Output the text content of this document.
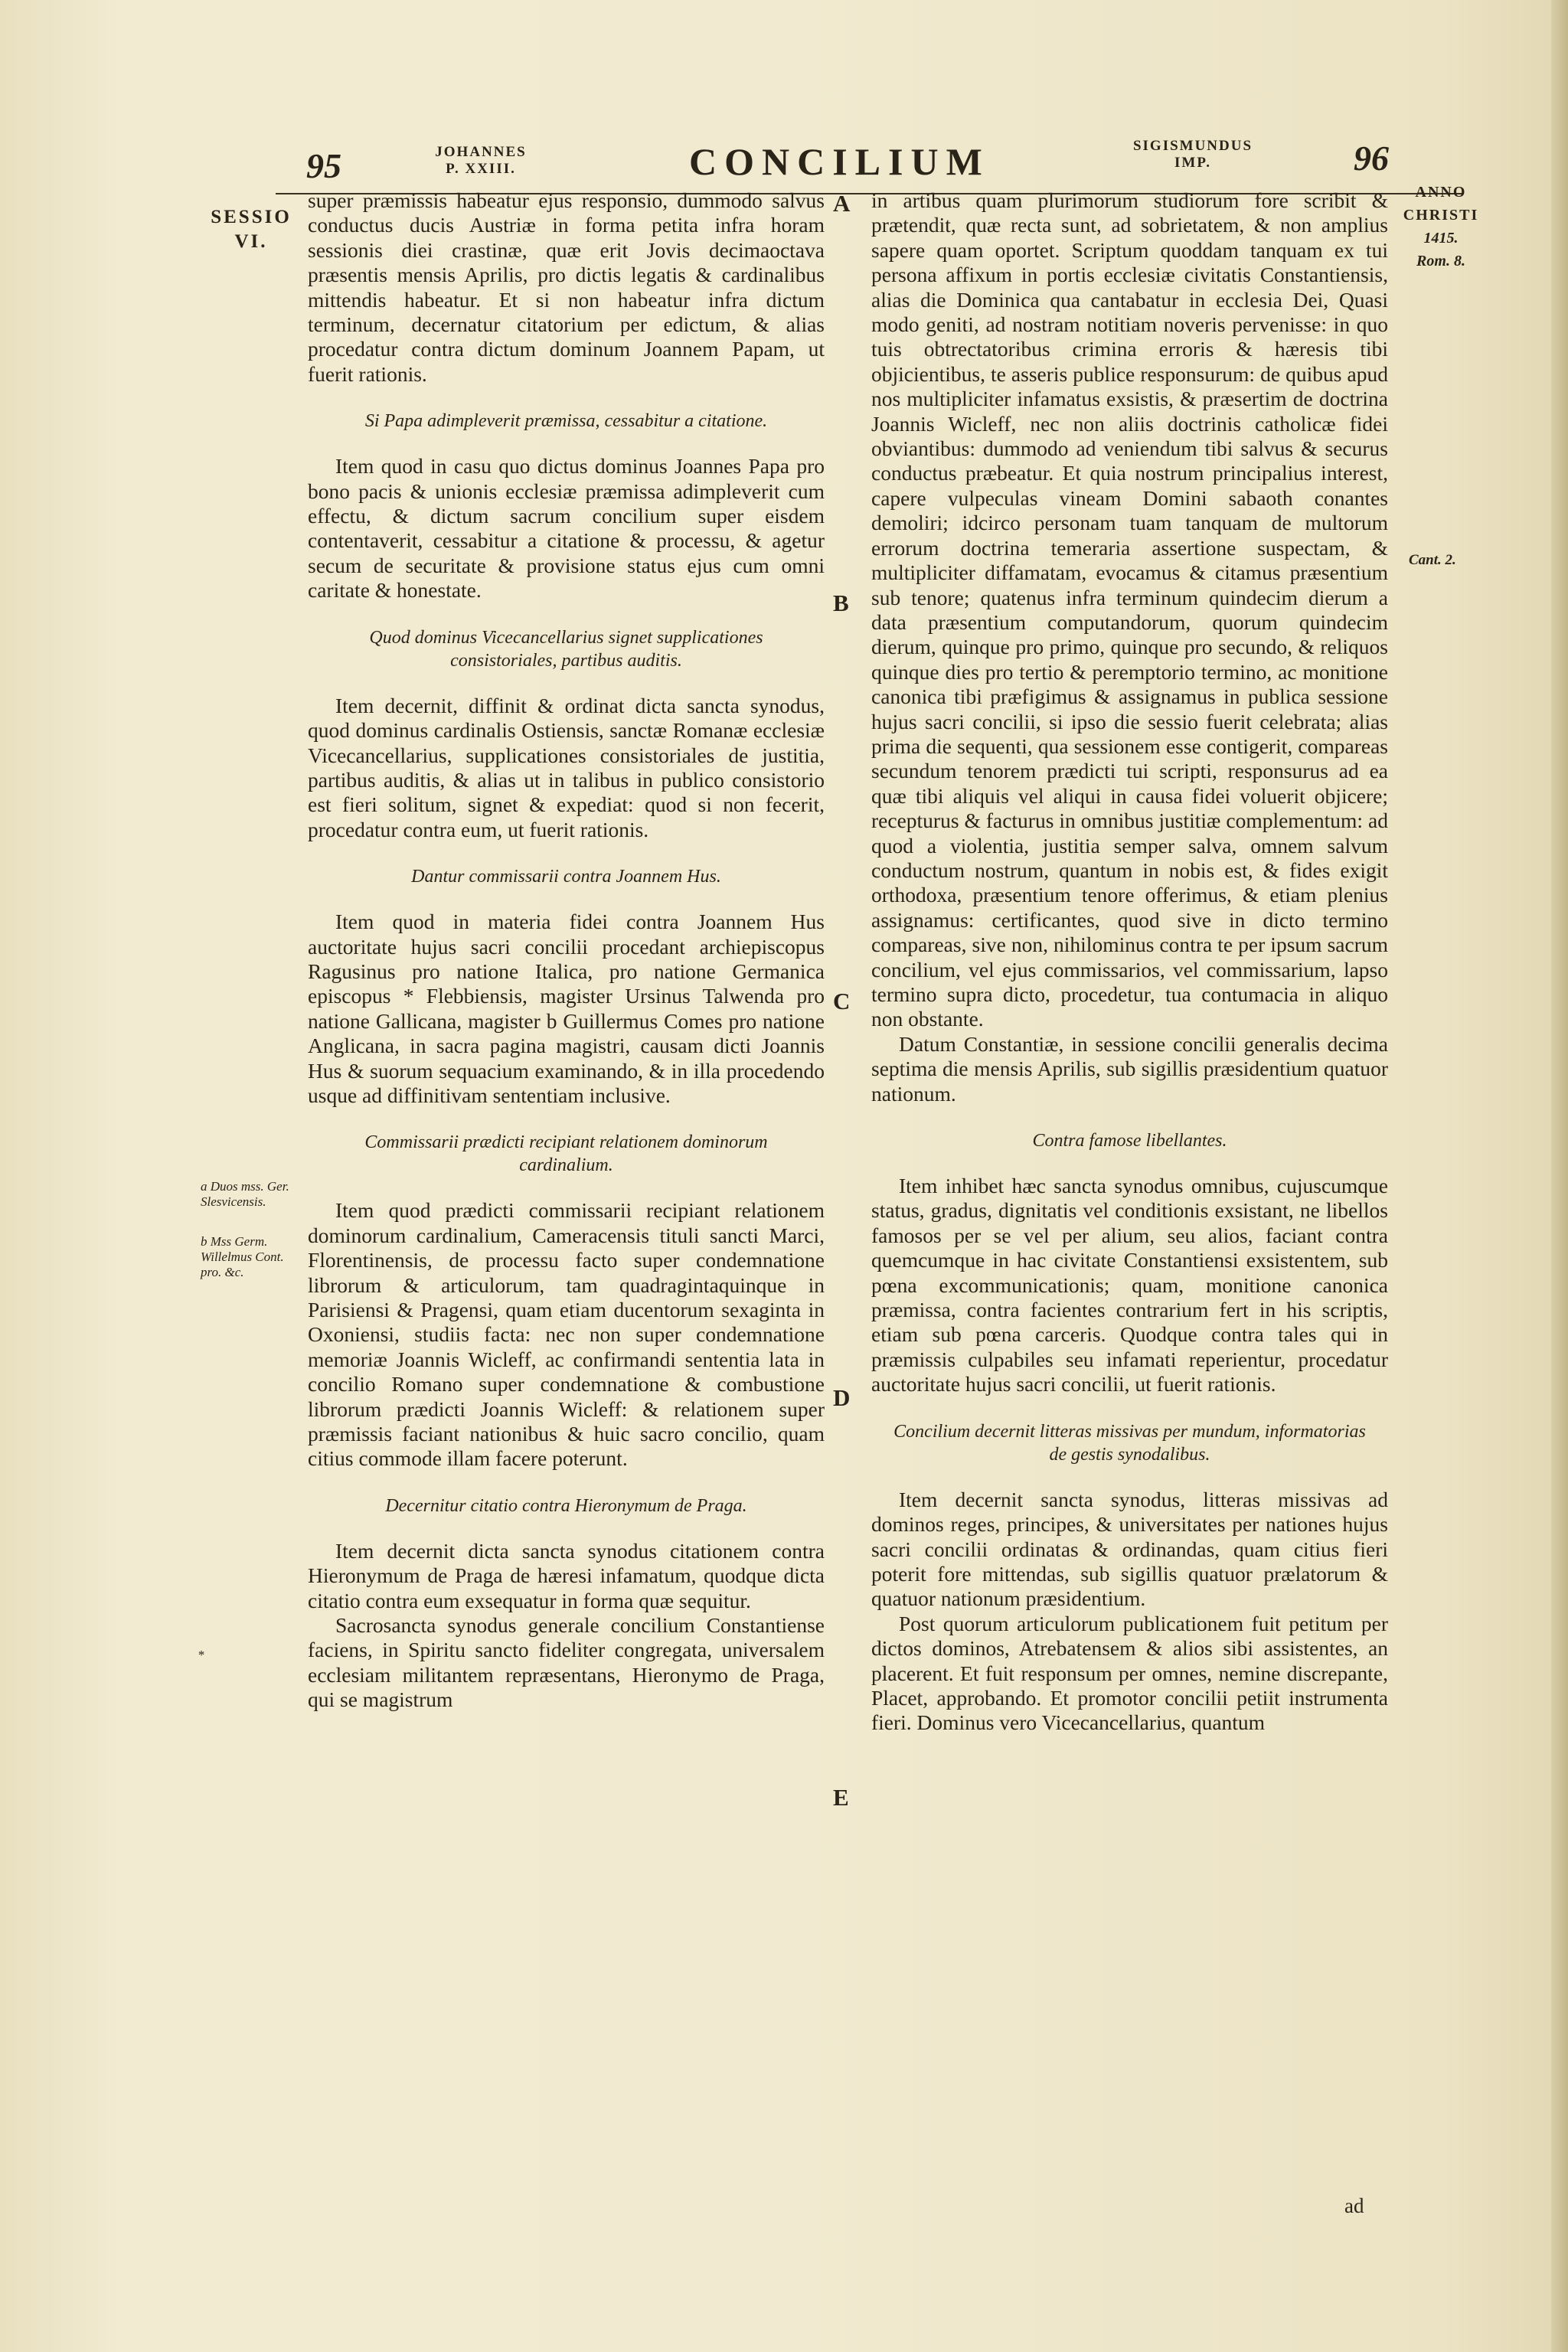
95	JOHANNES
P. XXIII.	CONCILIUM	SIGISMUNDUS
IMP.	96
SESSIO
VI.
ANNO
CHRISTI
1415.
Rom. 8.
Cant. 2.
a Duos mss. Ger. Slesvicensis.
b Mss Germ. Willelmus Cont. pro. &c.
*
A
B
C
D
E

super præmissis habeatur ejus responsio, dummodo salvus conductus ducis Austriæ in forma petita infra horam sessionis diei crastinæ, quæ erit Jovis decimaoctava præsentis mensis Aprilis, pro dictis legatis & cardinalibus mittendis habeatur. Et si non habeatur infra dictum terminum, decernatur citatorium per edictum, & alias procedatur contra dictum dominum Joannem Papam, ut fuerit rationis.

Si Papa adimpleverit præmissa, cessabitur a citatione.

Item quod in casu quo dictus dominus Joannes Papa pro bono pacis & unionis ecclesiæ præmissa adimpleverit cum effectu, & dictum sacrum concilium super eisdem contentaverit, cessabitur a citatione & processu, & agetur secum de securitate & provisione status ejus cum omni caritate & honestate.

Quod dominus Vicecancellarius signet supplicationes consistoriales, partibus auditis.

Item decernit, diffinit & ordinat dicta sancta synodus, quod dominus cardinalis Ostiensis, sanctæ Romanæ ecclesiæ Vicecancellarius, supplicationes consistoriales de justitia, partibus auditis, & alias ut in talibus in publico consistorio est fieri solitum, signet & expediat: quod si non fecerit, procedatur contra eum, ut fuerit rationis.

Dantur commissarii contra Joannem Hus.

Item quod in materia fidei contra Joannem Hus auctoritate hujus sacri concilii procedant archiepiscopus Ragusinus pro natione Italica, pro natione Germanica episcopus * Flebbiensis, magister Ursinus Talwenda pro natione Gallicana, magister b Guillermus Comes pro natione Anglicana, in sacra pagina magistri, causam dicti Joannis Hus & suorum sequacium examinando, & in illa procedendo usque ad diffinitivam sententiam inclusive.

Commissarii prædicti recipiant relationem dominorum cardinalium.

Item quod prædicti commissarii recipiant relationem dominorum cardinalium, Cameracensis tituli sancti Marci, Florentinensis, de processu facto super condemnatione librorum & articulorum, tam quadragintaquinque in Parisiensi & Pragensi, quam etiam ducentorum sexaginta in Oxoniensi, studiis facta: nec non super condemnatione memoriæ Joannis Wicleff, ac confirmandi sententia lata in concilio Romano super condemnatione & combustione librorum prædicti Joannis Wicleff: & relationem super præmissis faciant nationibus & huic sacro concilio, quam citius commode illam facere poterunt.

Decernitur citatio contra Hieronymum de Praga.

Item decernit dicta sancta synodus citationem contra Hieronymum de Praga de hæresi infamatum, quodque dicta citatio contra eum exsequatur in forma quæ sequitur.

Sacrosancta synodus generale concilium Constantiense faciens, in Spiritu sancto fideliter congregata, universalem ecclesiam militantem repræsentans, Hieronymo de Praga, qui se magistrum

in artibus quam plurimorum studiorum fore scribit & prætendit, quæ recta sunt, ad sobrietatem, & non amplius sapere quam oportet. Scriptum quoddam tanquam ex tui persona affixum in portis ecclesiæ civitatis Constantiensis, alias die Dominica qua cantabatur in ecclesia Dei, Quasi modo geniti, ad nostram notitiam noveris pervenisse: in quo tuis obtrectatoribus crimina erroris & hæresis tibi objicientibus, te asseris publice responsurum: de quibus apud nos multipliciter infamatus exsistis, & præsertim de doctrina Joannis Wicleff, nec non aliis doctrinis catholicæ fidei obviantibus: dummodo ad veniendum tibi salvus & securus conductus præbeatur. Et quia nostrum principalius interest, capere vulpeculas vineam Domini sabaoth conantes demoliri; idcirco personam tuam tanquam de multorum errorum doctrina temeraria assertione suspectam, & multipliciter diffamatam, evocamus & citamus præsentium sub tenore; quatenus infra terminum quindecim dierum a data præsentium computandorum, quorum quindecim dierum, quinque pro primo, quinque pro secundo, & reliquos quinque dies pro tertio & peremptorio termino, ac monitione canonica tibi præfigimus & assignamus in publica sessione hujus sacri concilii, si ipso die sessio fuerit celebrata; alias prima die sequenti, qua sessionem esse contigerit, compareas secundum tenorem prædicti tui scripti, responsurus ad ea quæ tibi aliquis vel aliqui in causa fidei voluerit objicere; recepturus & facturus in omnibus justitiæ complementum: ad quod a violentia, justitia semper salva, omnem salvum conductum nostrum, quantum in nobis est, & fides exigit orthodoxa, præsentium tenore offerimus, & etiam plenius assignamus: certificantes, quod sive in dicto termino compareas, sive non, nihilominus contra te per ipsum sacrum concilium, vel ejus commissarios, vel commissarium, lapso termino supra dicto, procedetur, tua contumacia in aliquo non obstante.

Datum Constantiæ, in sessione concilii generalis decima septima die mensis Aprilis, sub sigillis præsidentium quatuor nationum.

Contra famose libellantes.

Item inhibet hæc sancta synodus omnibus, cujuscumque status, gradus, dignitatis vel conditionis exsistant, ne libellos famosos per se vel per alium, seu alios, faciant contra quemcumque in hac civitate Constantiensi exsistentem, sub pœna excommunicationis; quam, monitione canonica præmissa, contra facientes contrarium fert in his scriptis, etiam sub pœna carceris. Quodque contra tales qui in præmissis culpabiles seu infamati reperientur, procedatur auctoritate hujus sacri concilii, ut fuerit rationis.

Concilium decernit litteras missivas per mundum, informatorias de gestis synodalibus.

Item decernit sancta synodus, litteras missivas ad dominos reges, principes, & universitates per nationes hujus sacri concilii ordinatas & ordinandas, quam citius fieri poterit fore mittendas, sub sigillis quatuor prælatorum & quatuor nationum præsidentium.

Post quorum articulorum publicationem fuit petitum per dictos dominos, Atrebatensem & alios sibi assistentes, an placerent. Et fuit responsum per omnes, nemine discrepante, Placet, approbando. Et promotor concilii petiit instrumenta fieri. Dominus vero Vicecancellarius, quantum

ad
